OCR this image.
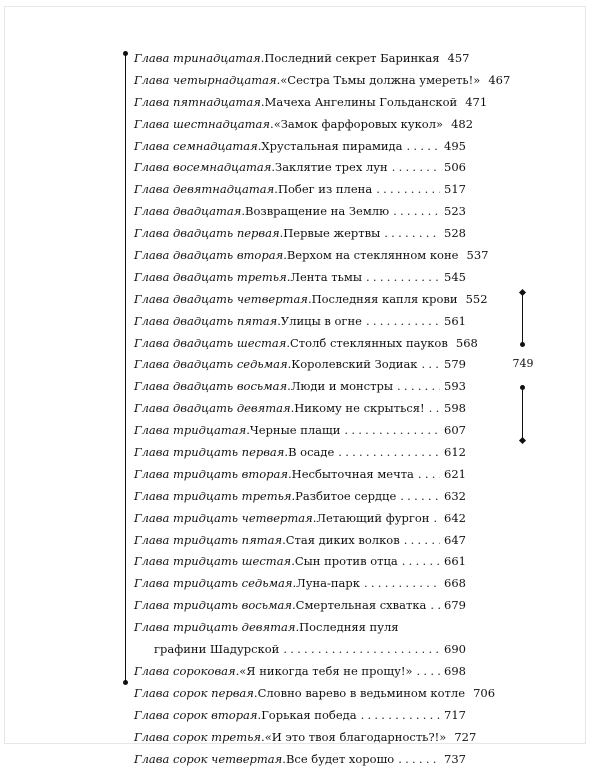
749
Глава тринадцатая . Последний секрет Баринкая 457
Глава четырнадцатая . «Сестра Тьмы должна умереть!» 467
Глава пятнадцатая . Мачеха Ангелины Гольданской 471
Глава шестнадцатая . «Замок фарфоровых кукол» 482
Глава семнадцатая . Хрустальная пирамида . . .	495
Глава восемнадцатая . Заклятие трех лун . . .	506
Глава девятнадцатая . Побег из плена . . .	517
Глава двадцатая . Возвращение на Землю . . .	523
Глава двадцать первая . Первые жертвы . . .	528
Глава двадцать вторая . Верхом на стеклянном коне 537
Глава двадцать третья . Лента тьмы . . .	545
Глава двадцать четвертая . Последняя капля крови 552
Глава двадцать пятая . Улицы в огне . . .	561
Глава двадцать шестая . Столб стеклянных пауков 568
Глава двадцать седьмая . Королевский Зодиак . . . 579
Глава двадцать восьмая . Люди и монстры . . .	593
Глава двадцать девятая . Никому не скрыться! . . . 598
Глава тридцатая . Черные плащи . . .	607
Глава тридцать первая . В осаде . . .	612
Глава тридцать вторая . Несбыточная мечта . . .	621
Глава тридцать третья . Разбитое сердце . . .	632
Глава тридцать четвертая . Летающий фургон . . . 642
Глава тридцать пятая . Стая диких волков . . .	647
Глава тридцать шестая . Сын против отца . . .	661
Глава тридцать седьмая . Луна-парк . . .	668
Глава тридцать восьмая . Смертельная схватка . . . 679
Глава тридцать девятая . Последняя пуля
графини Шадурской . . .	690
Глава сороковая . «Я никогда тебя не прощу!» . . .	698
Глава сорок первая . Словно варево в ведьмином котле 706
Глава сорок вторая . Горькая победа . . .	717
Глава сорок третья . «И это твоя благодарность?!» 727
Глава сорок четвертая . Все будет хорошо . . .	737
